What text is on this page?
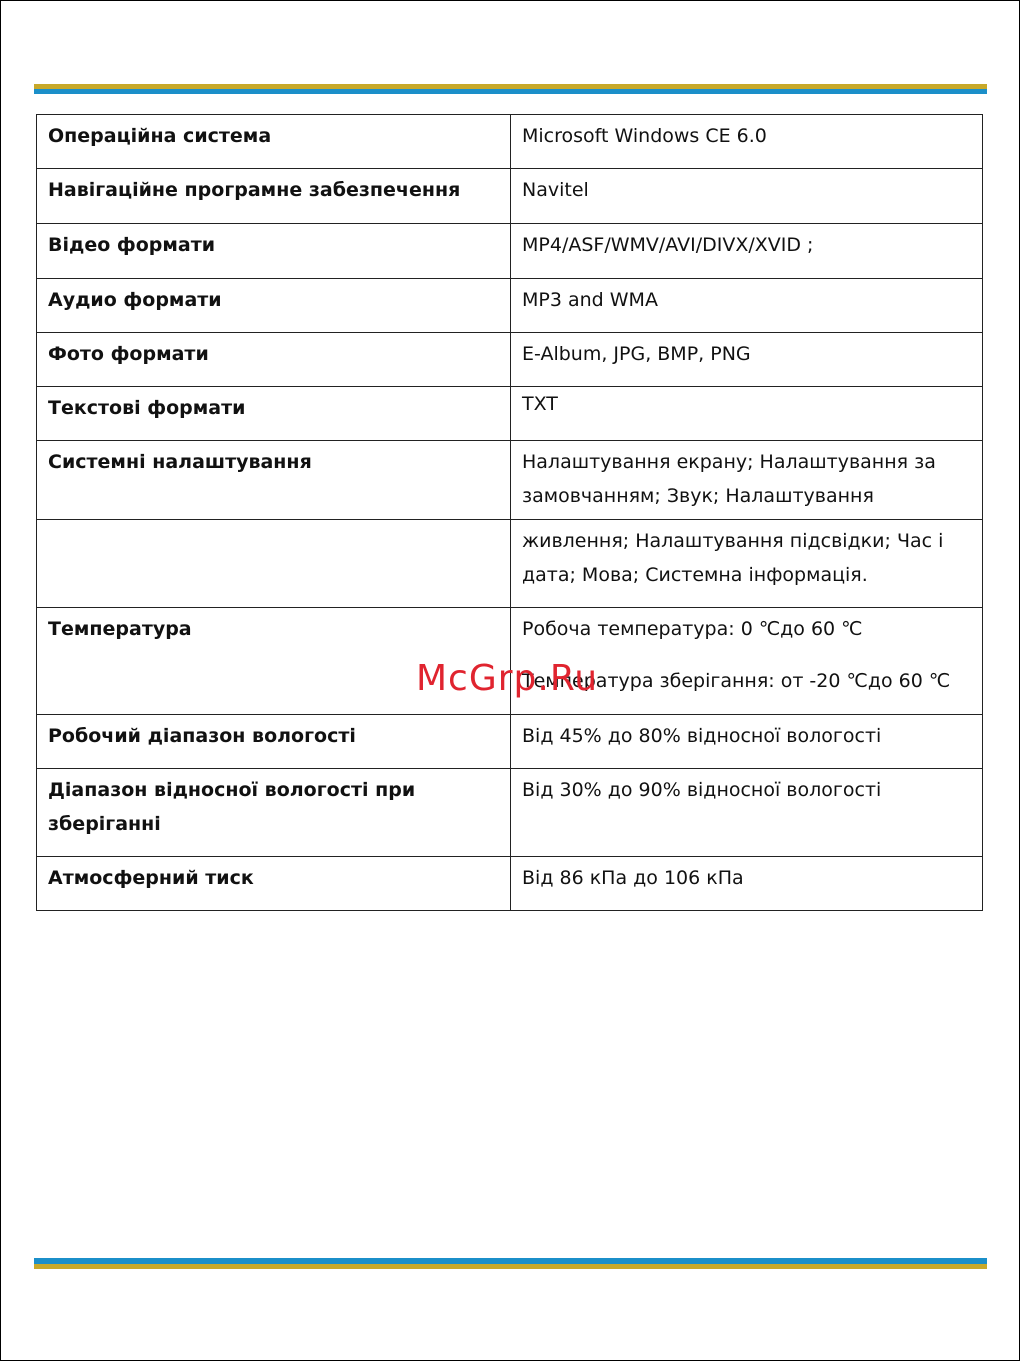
Операційна система	Microsoft Windows CE 6.0
Навігаційне програмне забезпечення	Navitel
Відео формати	MP4/ASF/WMV/AVI/DIVX/XVID ;
Аудио формати	MP3 and WMA
Фото формати	E-Album, JPG, BMP, PNG
Текстові формати	TXT
Системні налаштування	Налаштування екрану; Налаштування за замовчанням; Звук; Налаштування
	живлення; Налаштування підсвідки; Час і дата; Мова; Системна інформація.
Температура	Робоча температура: 0 ℃до 60 ℃
Температура зберігання: от -20 ℃до 60 ℃

Робочий діапазон вологості	Від 45% до 80% відносної вологості
Діапазон відносної вологості при зберіганні	Від 30% до 90% відносної вологості
Атмосферний тиск	Від 86 кПа до 106 кПа
McGrp.Ru
